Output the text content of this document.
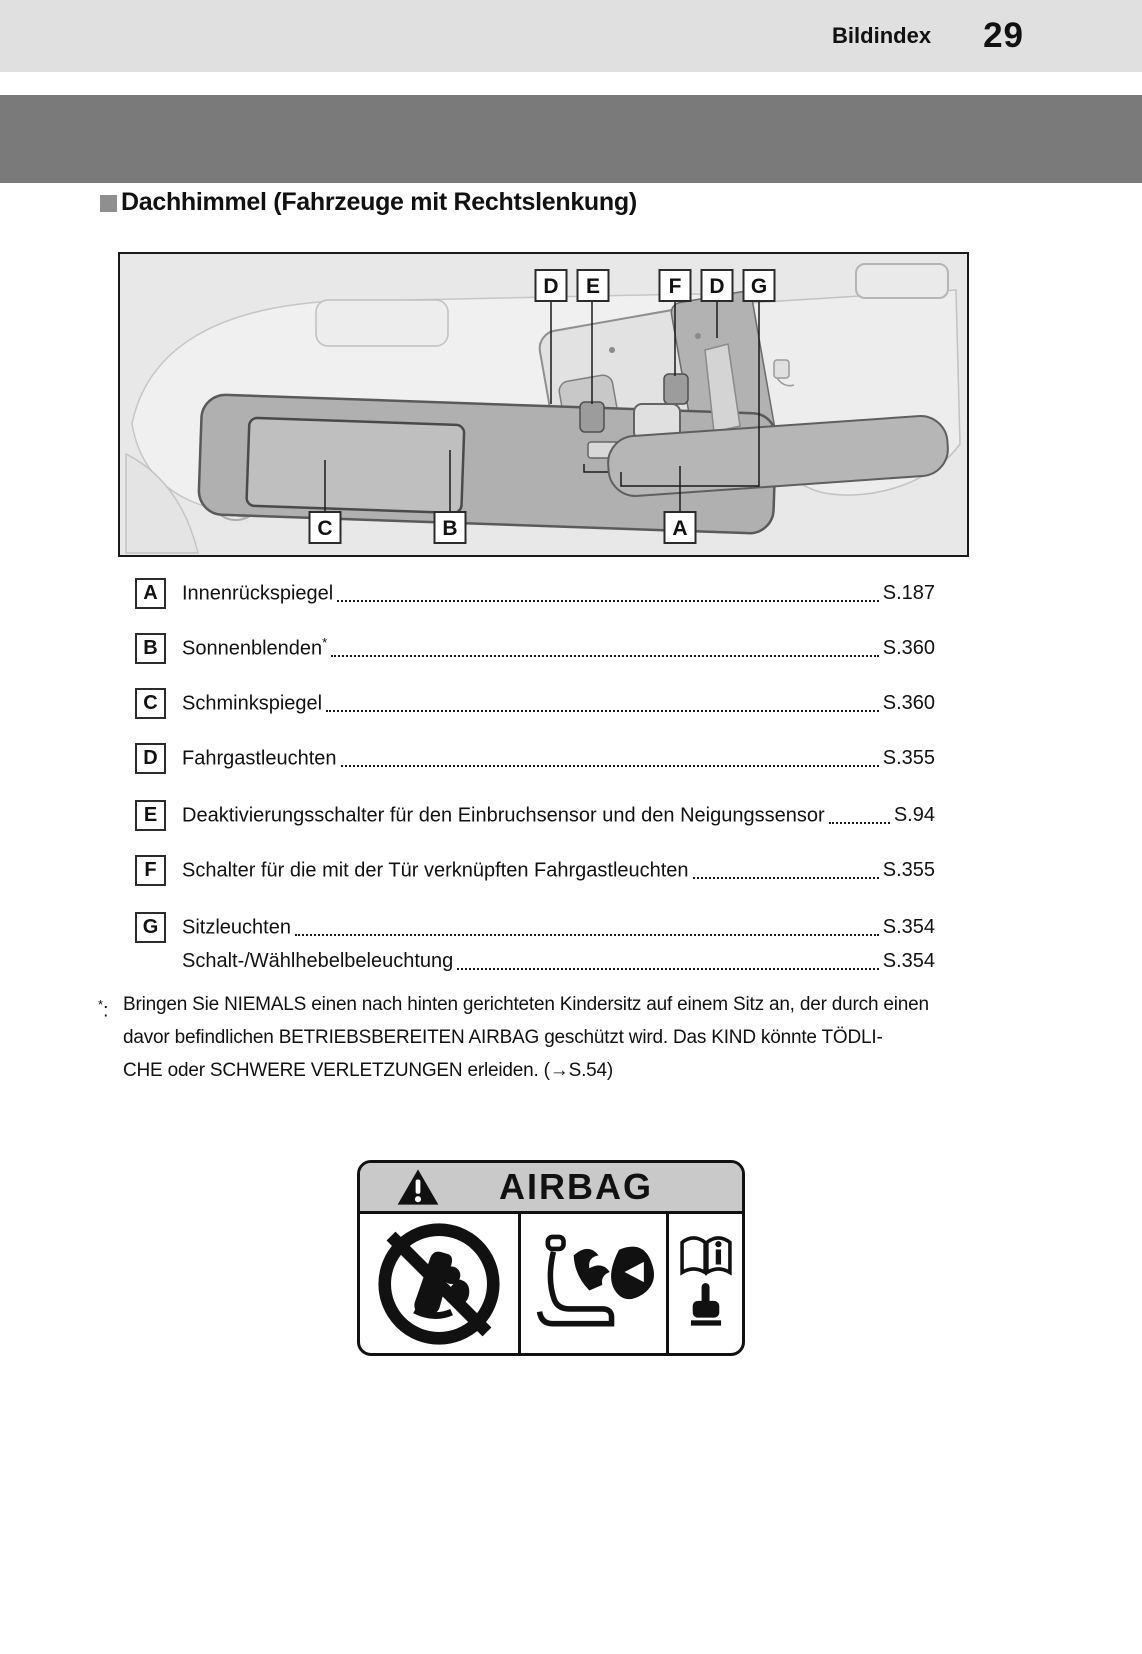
Bildindex 29
Dachhimmel (Fahrzeuge mit Rechtslenkung)
D E	F D G
C	B	A
A Innenrückspiegel	S.187
B Sonnenblenden*	S.360
C Schminkspiegel	S.360
D Fahrgastleuchten	S.355
E Deaktivierungsschalter für den Einbruchsensor und den Neigungssensor	S.94
F Schalter für die mit der Tür verknüpften Fahrgastleuchten	S.355
G Sitzleuchten	S.354
Schalt-/Wählhebelbeleuchtung	S.354
*: Bringen Sie NIEMALS einen nach hinten gerichteten Kindersitz auf einem Sitz an, der durch einen
davor befindlichen BETRIEBSBEREITEN AIRBAG geschützt wird. Das KIND könnte TÖDLI-
CHE oder SCHWERE VERLETZUNGEN erleiden. (→S.54)
AIRBAG
